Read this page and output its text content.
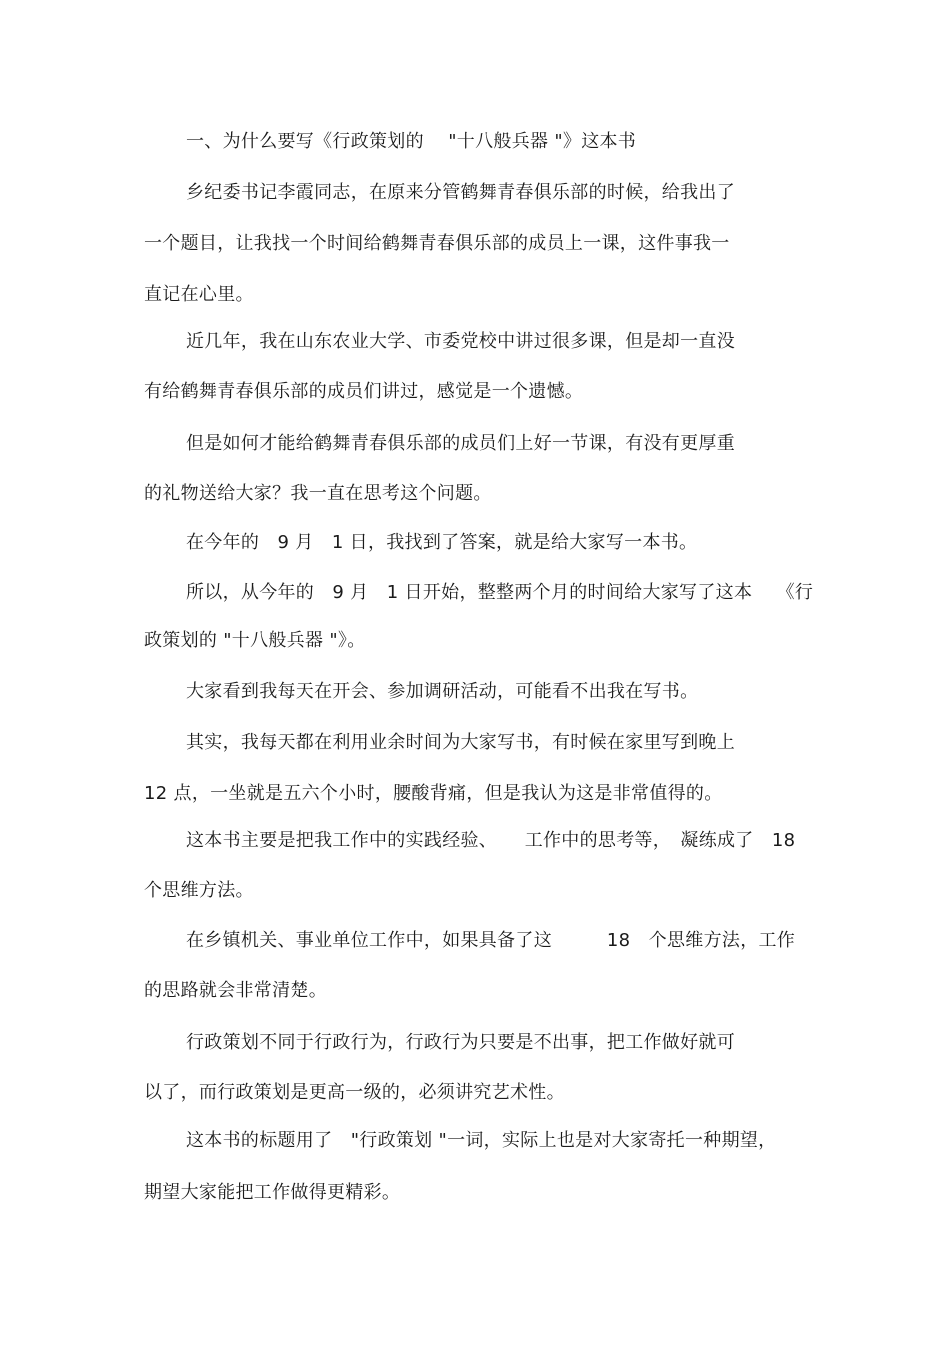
一、为什么要写《行政策划的　 "十八般兵器 "》这本书
乡纪委书记李霞同志，在原来分管鹤舞青春俱乐部的时候，给我出了
一个题目，让我找一个时间给鹤舞青春俱乐部的成员上一课，这件事我一
直记在心里。
近几年，我在山东农业大学、市委党校中讲过很多课，但是却一直没
有给鹤舞青春俱乐部的成员们讲过，感觉是一个遗憾。
但是如何才能给鹤舞青春俱乐部的成员们上好一节课，有没有更厚重
的礼物送给大家？我一直在思考这个问题。
在今年的　9 月　1 日，我找到了答案，就是给大家写一本书。
所以，从今年的　9 月　1 日开始，整整两个月的时间给大家写了这本　 《行
政策划的 "十八般兵器 "》。
大家看到我每天在开会、参加调研活动，可能看不出我在写书。
其实，我每天都在利用业余时间为大家写书，有时候在家里写到晚上
12 点，一坐就是五六个小时，腰酸背痛，但是我认为这是非常值得的。
这本书主要是把我工作中的实践经验、　　工作中的思考等，　凝练成了　18
个思维方法。
在乡镇机关、事业单位工作中，如果具备了这　　　18　个思维方法，工作
的思路就会非常清楚。
行政策划不同于行政行为，行政行为只要是不出事，把工作做好就可
以了，而行政策划是更高一级的，必须讲究艺术性。
这本书的标题用了　"行政策划 "一词，实际上也是对大家寄托一种期望，
期望大家能把工作做得更精彩。
